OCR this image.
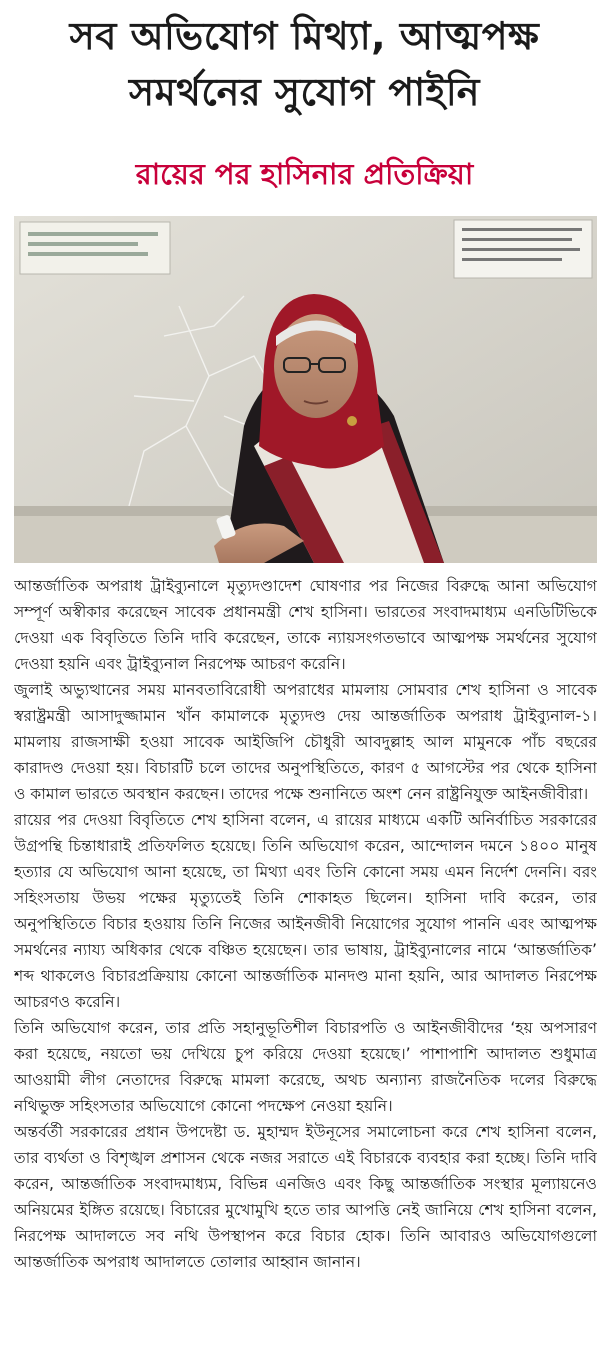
সব অভিযোগ মিথ্যা, আত্মপক্ষ সমর্থনের সুযোগ পাইনি
রায়ের পর হাসিনার প্রতিক্রিয়া

আন্তর্জাতিক অপরাধ ট্রাইব্যুনালে মৃত্যুদণ্ডাদেশ ঘোষণার পর নিজের বিরুদ্ধে আনা অভিযোগ সম্পূর্ণ অস্বীকার করেছেন সাবেক প্রধানমন্ত্রী শেখ হাসিনা। ভারতের সংবাদমাধ্যম এনডিটিভিকে দেওয়া এক বিবৃতিতে তিনি দাবি করেছেন, তাকে ন্যায়সংগতভাবে আত্মপক্ষ সমর্থনের সুযোগ দেওয়া হয়নি এবং ট্রাইব্যুনাল নিরপেক্ষ আচরণ করেনি।

জুলাই অভ্যুত্থানের সময় মানবতাবিরোধী অপরাধের মামলায় সোমবার শেখ হাসিনা ও সাবেক স্বরাষ্ট্রমন্ত্রী আসাদুজ্জামান খাঁন কামালকে মৃত্যুদণ্ড দেয় আন্তর্জাতিক অপরাধ ট্রাইব্যুনাল-১। মামলায় রাজসাক্ষী হওয়া সাবেক আইজিপি চৌধুরী আবদুল্লাহ আল মামুনকে পাঁচ বছরের কারাদণ্ড দেওয়া হয়। বিচারটি চলে তাদের অনুপস্থিতিতে, কারণ ৫ আগস্টের পর থেকে হাসিনা ও কামাল ভারতে অবস্থান করছেন। তাদের পক্ষে শুনানিতে অংশ নেন রাষ্ট্রনিযুক্ত আইনজীবীরা।

রায়ের পর দেওয়া বিবৃতিতে শেখ হাসিনা বলেন, এ রায়ের মাধ্যমে একটি অনির্বাচিত সরকারের উগ্রপন্থি চিন্তাধারাই প্রতিফলিত হয়েছে। তিনি অভিযোগ করেন, আন্দোলন দমনে ১৪০০ মানুষ হত্যার যে অভিযোগ আনা হয়েছে, তা মিথ্যা এবং তিনি কোনো সময় এমন নির্দেশ দেননি। বরং সহিংসতায় উভয় পক্ষের মৃত্যুতেই তিনি শোকাহত ছিলেন। হাসিনা দাবি করেন, তার অনুপস্থিতিতে বিচার হওয়ায় তিনি নিজের আইনজীবী নিয়োগের সুযোগ পাননি এবং আত্মপক্ষ সমর্থনের ন্যায্য অধিকার থেকে বঞ্চিত হয়েছেন। তার ভাষায়, ট্রাইব্যুনালের নামে ‘আন্তর্জাতিক’ শব্দ থাকলেও বিচারপ্রক্রিয়ায় কোনো আন্তর্জাতিক মানদণ্ড মানা হয়নি, আর আদালত নিরপেক্ষ আচরণও করেনি।

তিনি অভিযোগ করেন, তার প্রতি সহানুভূতিশীল বিচারপতি ও আইনজীবীদের ‘হয় অপসারণ করা হয়েছে, নয়তো ভয় দেখিয়ে চুপ করিয়ে দেওয়া হয়েছে।’ পাশাপাশি আদালত শুধুমাত্র আওয়ামী লীগ নেতাদের বিরুদ্ধে মামলা করেছে, অথচ অন্যান্য রাজনৈতিক দলের বিরুদ্ধে নথিভুক্ত সহিংসতার অভিযোগে কোনো পদক্ষেপ নেওয়া হয়নি।

অন্তর্বর্তী সরকারের প্রধান উপদেষ্টা ড. মুহাম্মদ ইউনূসের সমালোচনা করে শেখ হাসিনা বলেন, তার ব্যর্থতা ও বিশৃঙ্খল প্রশাসন থেকে নজর সরাতে এই বিচারকে ব্যবহার করা হচ্ছে। তিনি দাবি করেন, আন্তর্জাতিক সংবাদমাধ্যম, বিভিন্ন এনজিও এবং কিছু আন্তর্জাতিক সংস্থার মূল্যায়নেও অনিয়মের ইঙ্গিত রয়েছে। বিচারের মুখোমুখি হতে তার আপত্তি নেই জানিয়ে শেখ হাসিনা বলেন, নিরপেক্ষ আদালতে সব নথি উপস্থাপন করে বিচার হোক। তিনি আবারও অভিযোগগুলো আন্তর্জাতিক অপরাধ আদালতে তোলার আহ্বান জানান।
